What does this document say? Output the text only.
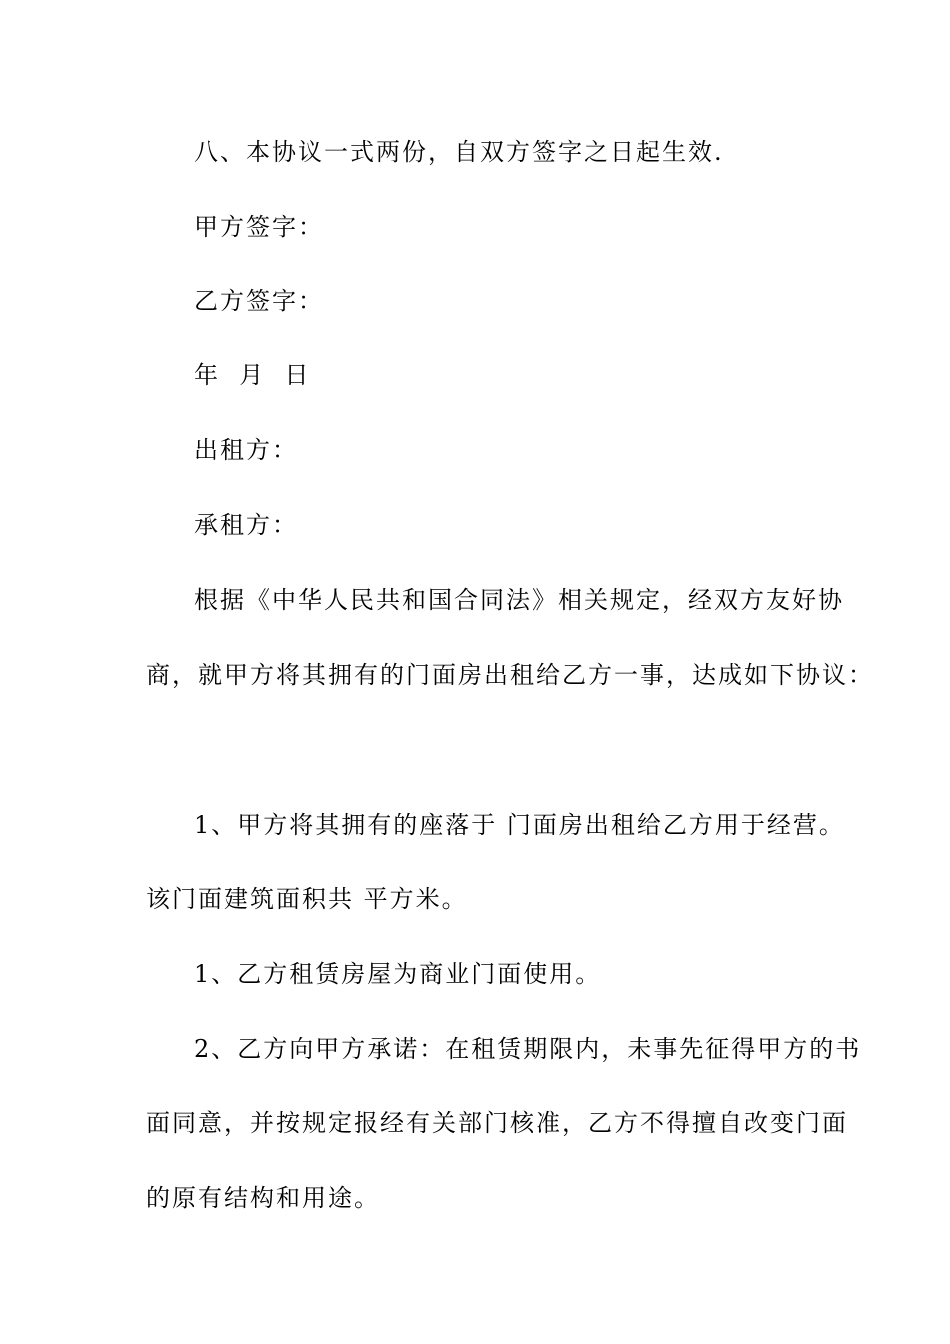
八、本协议一式两份，自双方签字之日起生效.
甲方签字：
乙方签字：
年  月  日
出租方：
承租方：
根据《中华人民共和国合同法》相关规定，经双方友好协
商，就甲方将其拥有的门面房出租给乙方一事，达成如下协议：
1、甲方将其拥有的座落于 门面房出租给乙方用于经营。
该门面建筑面积共 平方米。
1、乙方租赁房屋为商业门面使用。
2、乙方向甲方承诺：在租赁期限内，未事先征得甲方的书
面同意，并按规定报经有关部门核准，乙方不得擅自改变门面
的原有结构和用途。
